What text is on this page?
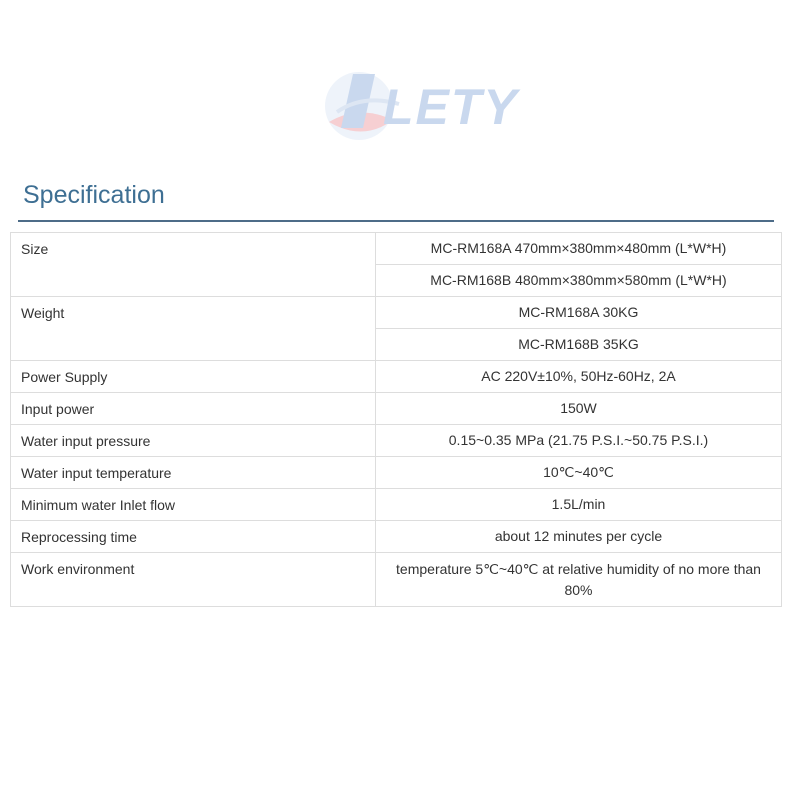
LETY
Specification
Size	MC-RM168A 470mm×380mm×480mm (L*W*H)
	MC-RM168B 480mm×380mm×580mm (L*W*H)
Weight	MC-RM168A 30KG
	MC-RM168B 35KG
Power Supply	AC 220V±10%, 50Hz-60Hz, 2A
Input power	150W
Water input pressure	0.15~0.35 MPa (21.75 P.S.I.~50.75 P.S.I.)
Water input temperature	10℃~40℃
Minimum water Inlet flow	1.5L/min
Reprocessing time	about 12 minutes per cycle
Work environment	temperature 5℃~40℃ at relative humidity of no more than 80%
